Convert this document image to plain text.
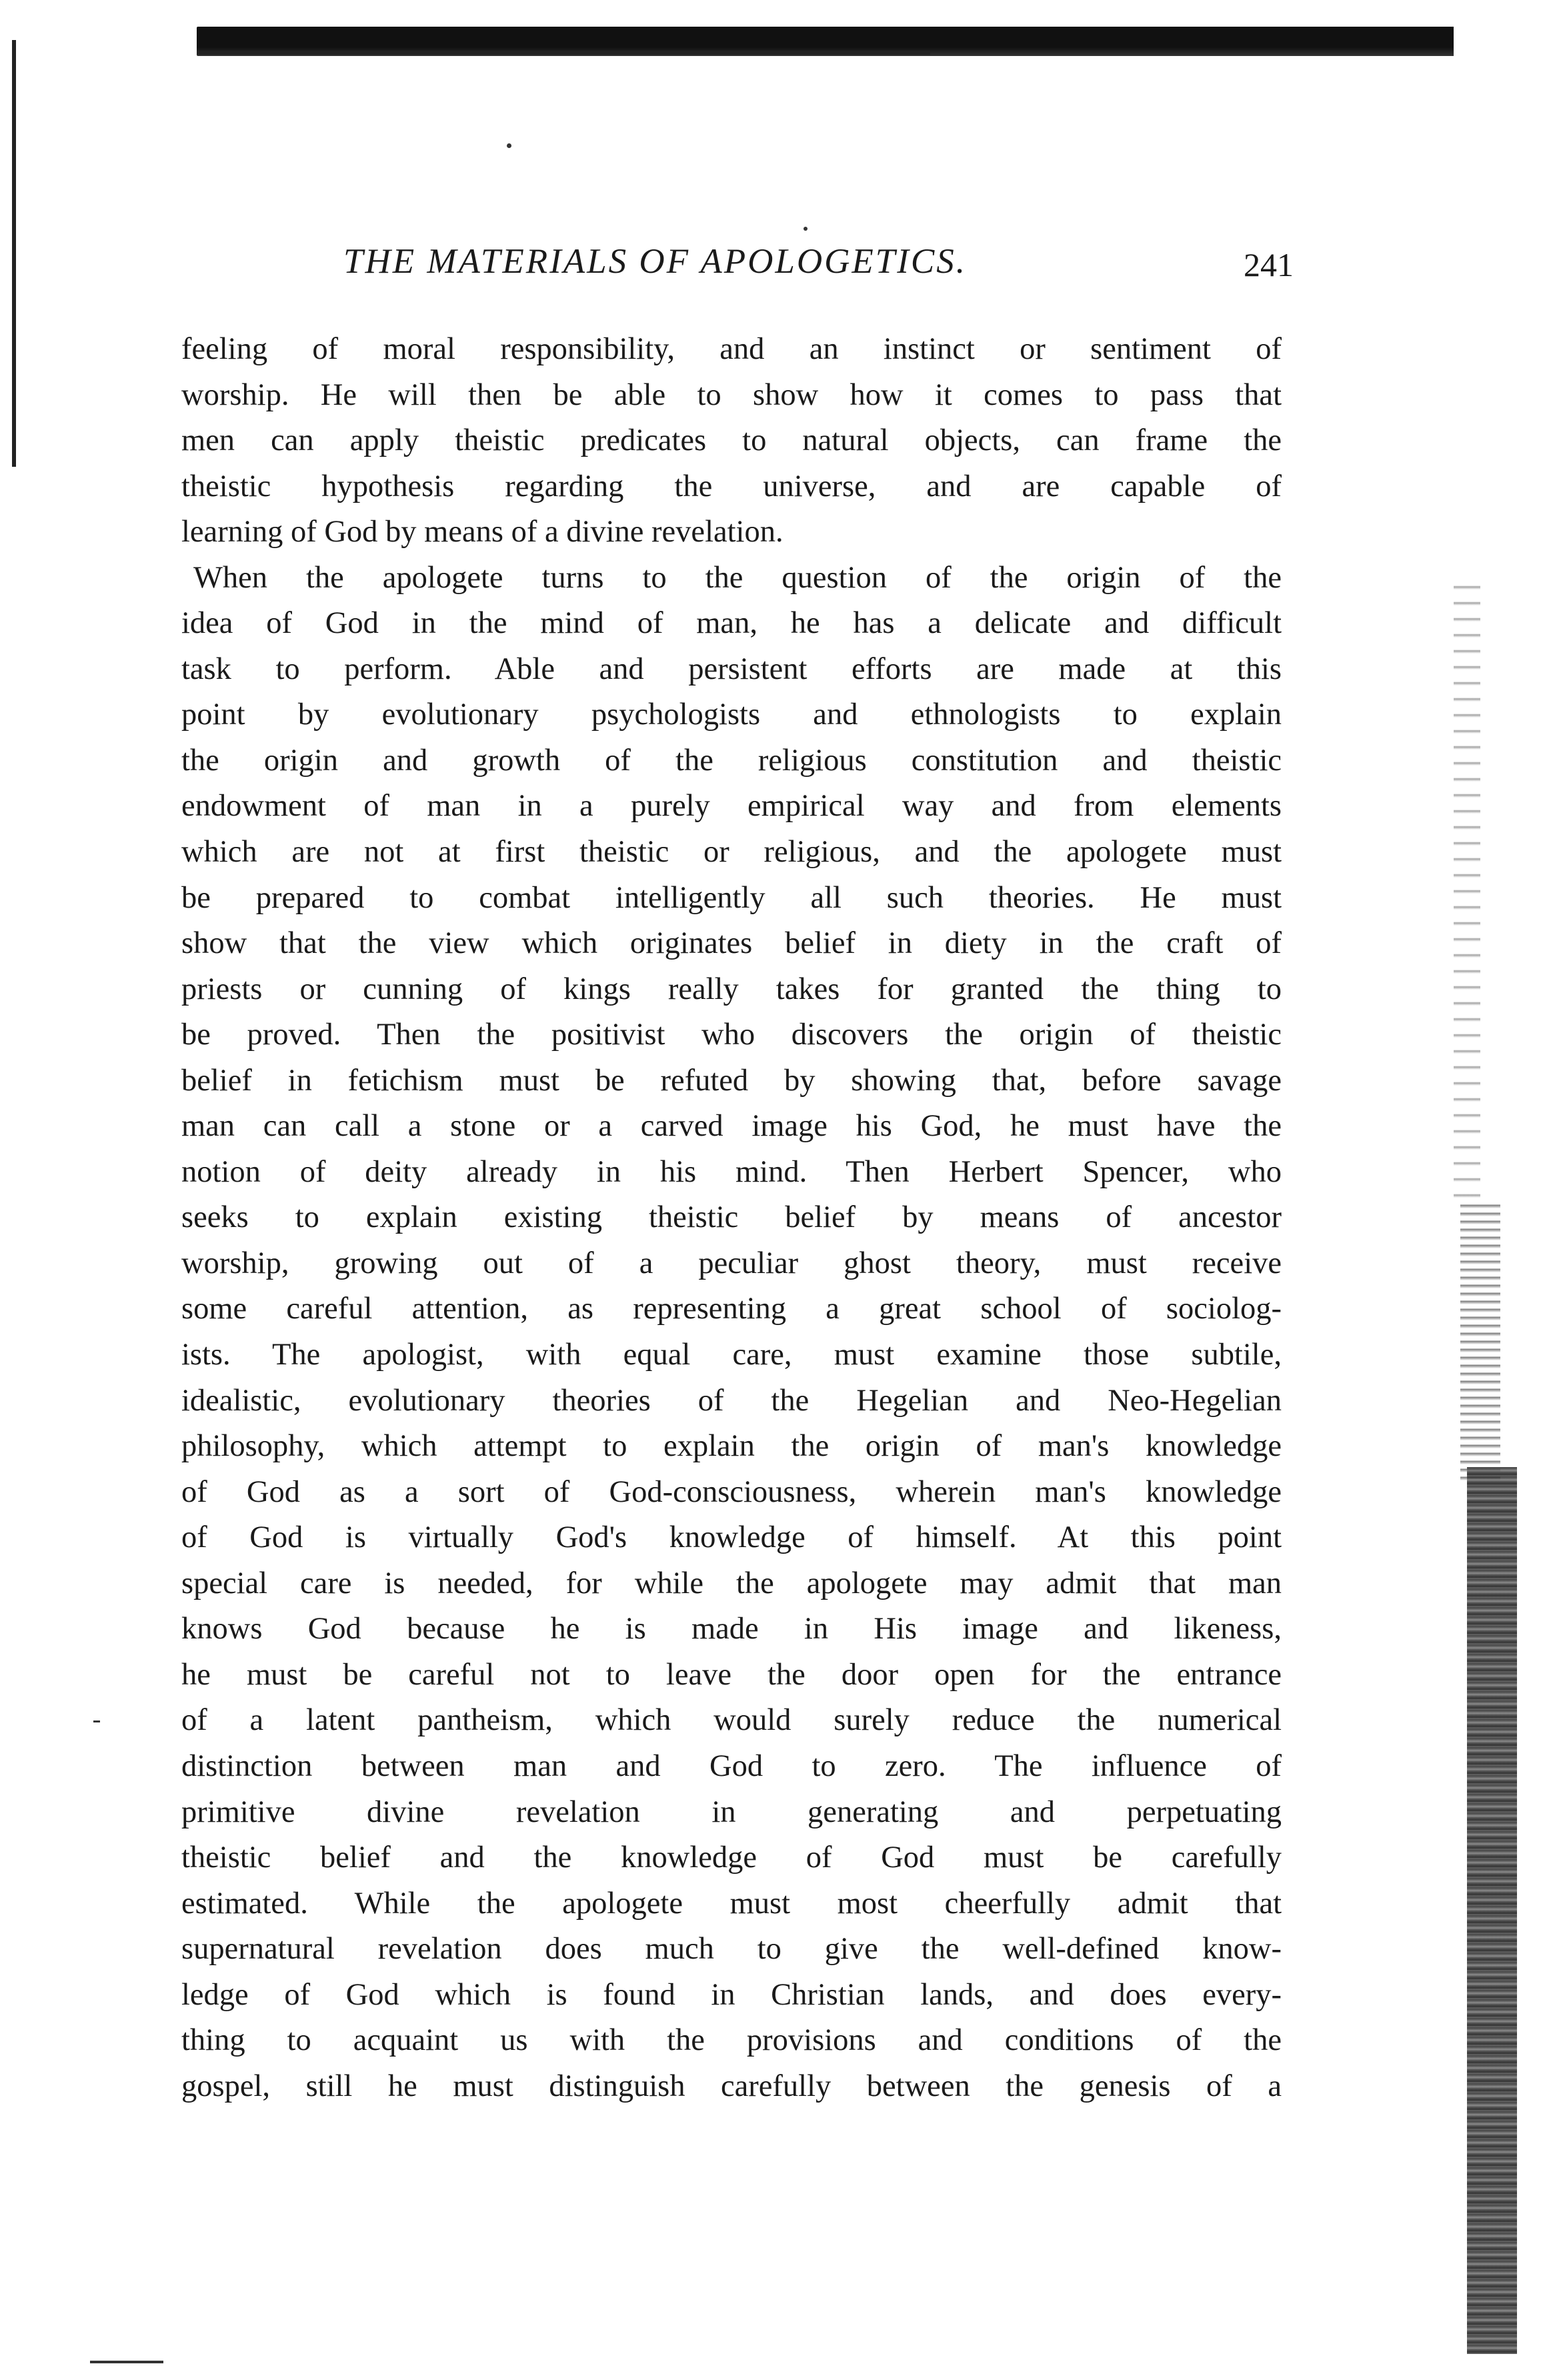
THE MATERIALS OF APOLOGETICS.	241
feeling of moral responsibility, and an instinct or sentiment of
worship. He will then be able to show how it comes to pass that
men can apply theistic predicates to natural objects, can frame the
theistic hypothesis regarding the universe, and are capable of
learning of God by means of a divine revelation.
When the apologete turns to the question of the origin of the
idea of God in the mind of man, he has a delicate and difficult
task to perform. Able and persistent efforts are made at this
point by evolutionary psychologists and ethnologists to explain
the origin and growth of the religious constitution and theistic
endowment of man in a purely empirical way and from elements
which are not at first theistic or religious, and the apologete must
be prepared to combat intelligently all such theories. He must
show that the view which originates belief in diety in the craft of
priests or cunning of kings really takes for granted the thing to
be proved. Then the positivist who discovers the origin of theistic
belief in fetichism must be refuted by showing that, before savage
man can call a stone or a carved image his God, he must have the
notion of deity already in his mind. Then Herbert Spencer, who
seeks to explain existing theistic belief by means of ancestor
worship, growing out of a peculiar ghost theory, must receive
some careful attention, as representing a great school of sociolog-
ists. The apologist, with equal care, must examine those subtile,
idealistic, evolutionary theories of the Hegelian and Neo-Hegelian
philosophy, which attempt to explain the origin of man's knowledge
of God as a sort of God-consciousness, wherein man's knowledge
of God is virtually God's knowledge of himself. At this point
special care is needed, for while the apologete may admit that man
knows God because he is made in His image and likeness,
he must be careful not to leave the door open for the entrance
of a latent pantheism, which would surely reduce the numerical
distinction between man and God to zero. The influence of
primitive divine revelation in generating and perpetuating
theistic belief and the knowledge of God must be carefully
estimated. While the apologete must most cheerfully admit that
supernatural revelation does much to give the well-defined know-
ledge of God which is found in Christian lands, and does every-
thing to acquaint us with the provisions and conditions of the
gospel, still he must distinguish carefully between the genesis of a
